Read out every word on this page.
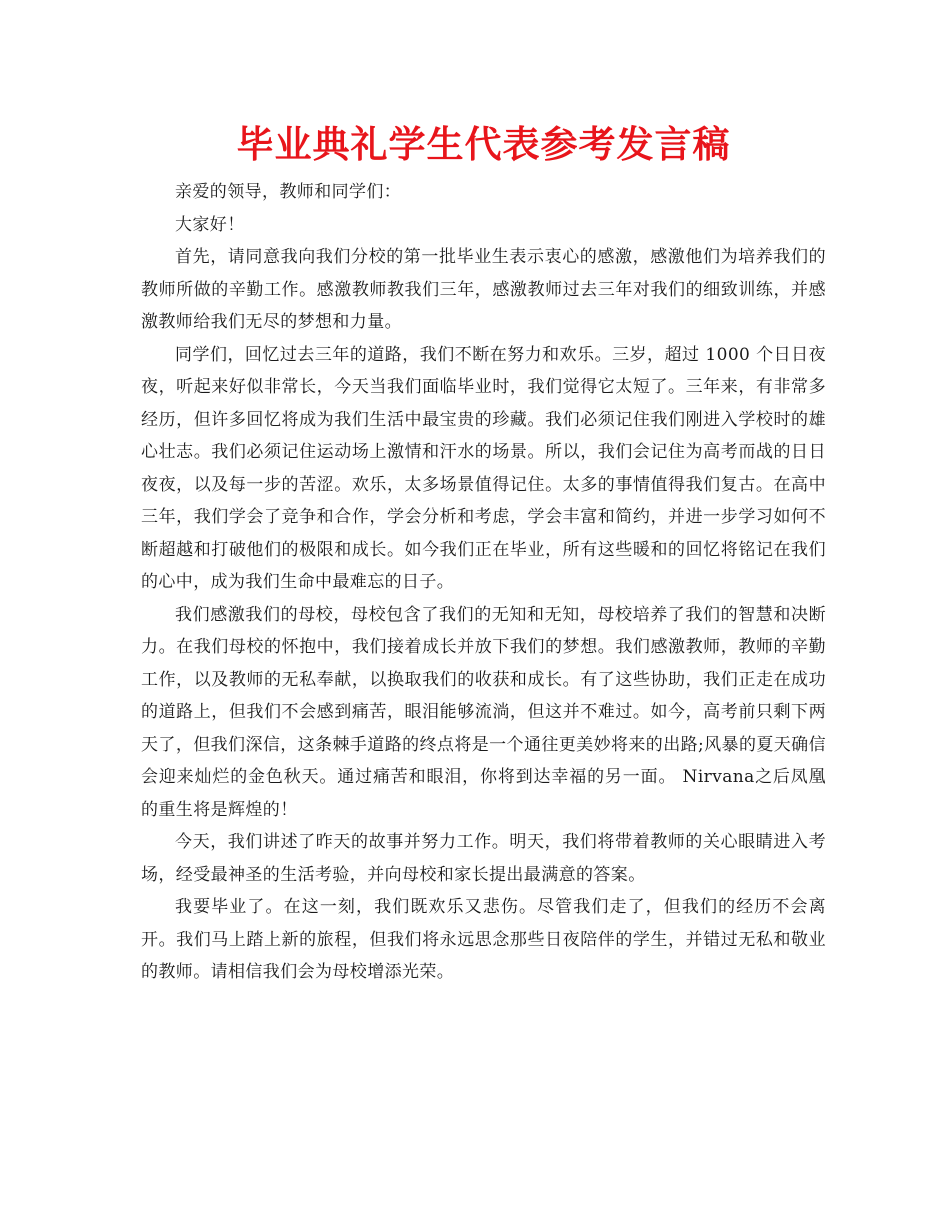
毕业典礼学生代表参考发言稿

亲爱的领导，教师和同学们：

大家好！

首先，请同意我向我们分校的第一批毕业生表示衷心的感激，感激他们为培养我们的教师所做的辛勤工作。感激教师教我们三年，感激教师过去三年对我们的细致训练，并感激教师给我们无尽的梦想和力量。

同学们，回忆过去三年的道路，我们不断在努力和欢乐。三岁，超过 1000 个日日夜夜，听起来好似非常长，今天当我们面临毕业时，我们觉得它太短了。三年来，有非常多经历，但许多回忆将成为我们生活中最宝贵的珍藏。我们必须记住我们刚进入学校时的雄心壮志。我们必须记住运动场上激情和汗水的场景。所以，我们会记住为高考而战的日日夜夜，以及每一步的苦涩。欢乐，太多场景值得记住。太多的事情值得我们复古。在高中三年，我们学会了竞争和合作，学会分析和考虑，学会丰富和简约，并进一步学习如何不断超越和打破他们的极限和成长。如今我们正在毕业，所有这些暖和的回忆将铭记在我们的心中，成为我们生命中最难忘的日子。

我们感激我们的母校，母校包含了我们的无知和无知，母校培养了我们的智慧和决断力。在我们母校的怀抱中，我们接着成长并放下我们的梦想。我们感激教师，教师的辛勤工作，以及教师的无私奉献，以换取我们的收获和成长。有了这些协助，我们正走在成功的道路上，但我们不会感到痛苦，眼泪能够流淌，但这并不难过。如今，高考前只剩下两天了，但我们深信，这条棘手道路的终点将是一个通往更美妙将来的出路;风暴的夏天确信会迎来灿烂的金色秋天。通过痛苦和眼泪，你将到达幸福的另一面。 Nirvana之后凤凰的重生将是辉煌的！

今天，我们讲述了昨天的故事并努力工作。明天，我们将带着教师的关心眼睛进入考场，经受最神圣的生活考验，并向母校和家长提出最满意的答案。

我要毕业了。在这一刻，我们既欢乐又悲伤。尽管我们走了，但我们的经历不会离开。我们马上踏上新的旅程，但我们将永远思念那些日夜陪伴的学生，并错过无私和敬业的教师。请相信我们会为母校增添光荣。
